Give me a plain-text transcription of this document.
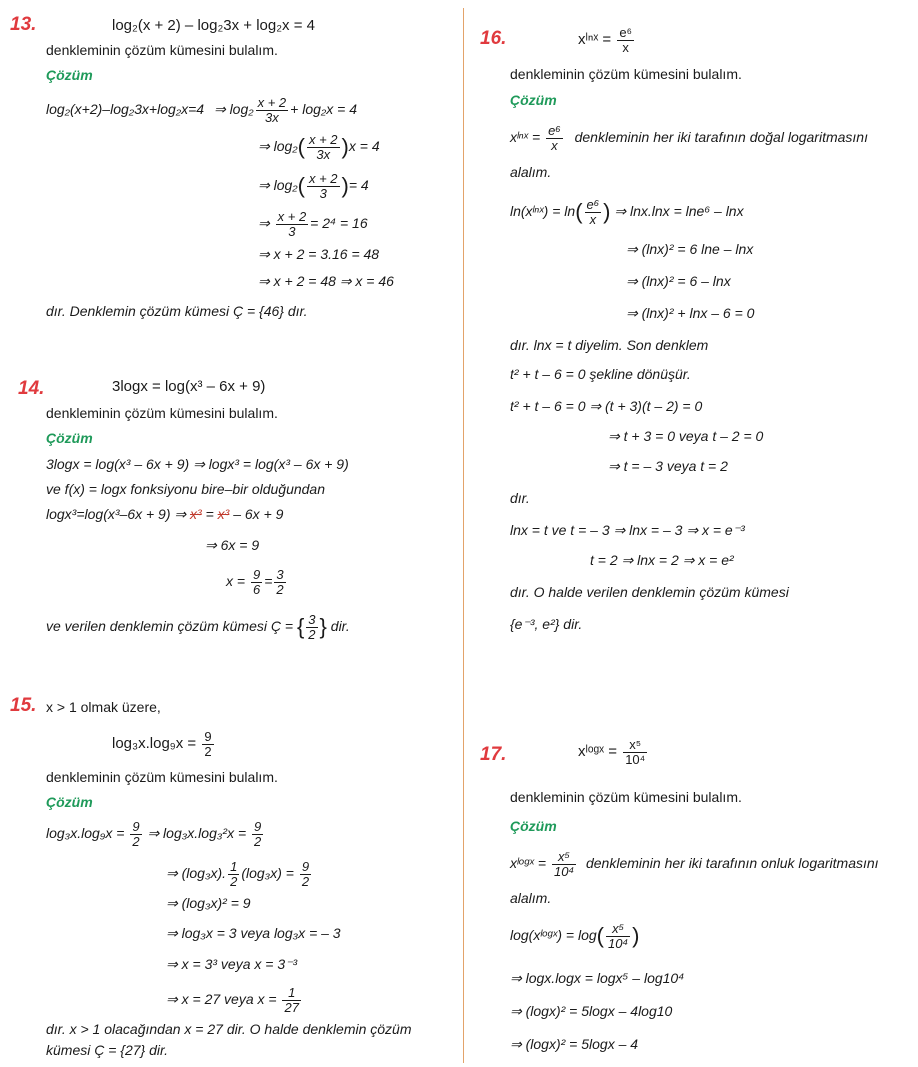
13.	log₂(x + 2) – log₂3x + log₂x = 4
denkleminin çözüm kümesini bulalım.
Çözüm
log₂(x+2)–log₂3x+log₂x=4 ⇒ $\log_2 \frac{x + 2}{3x} + \log_2x = 4$
⇒ $\log_2( \frac{x + 2}{3x} )x = 4$
⇒ $\log_2( \frac{x + 2}{3}$ )= 4
⇒ $\frac{x + 2}{3} = 2^4 = 16$
⇒ x + 2 = 3.16 = 48
⇒ x + 2 = 48 ⇒ x = 46
dır. Denklemin çözüm kümesi Ç = {46} dır.
14.	3logx = log(x³ – 6x + 9)
denkleminin çözüm kümesini bulalım.
Çözüm
3logx = log(x³ – 6x + 9) ⇒ logx³ = log(x³ – 6x + 9)
ve f(x) = logx fonksiyonu bire–bir olduğundan
logx³=log(x³–6x + 9) ⇒ x³ = x³ – 6x + 9
⇒ 6x = 9
$x = \frac{9}{6} = \frac{3}{2}$
ve verilen denklemin çözüm kümesi Ç = { $\frac{3}{2}$ } dir.
15. x > 1 olmak üzere,
$\log_3x.\log_9x = \frac{9}{2}$
denkleminin çözüm kümesini bulalım.
Çözüm
$\log_3x.\log_9x = \frac{9}{2}$ ⇒ $\log_3x.\log_3^2x = \frac{9}{2}$
⇒ (log₃x). $\frac{1}{2} (\log_3x) = \frac{9}{2}$
⇒ (log₃x)² = 9
⇒ log₃x = 3 veya log₃x = – 3
⇒ x = 3³ veya x = 3⁻³
⇒ x = 27 veya $x = \frac{1}{27}$
dır. x > 1 olacağından x = 27 dir. O halde denklemin çözüm
kümesi Ç = {27} dir.
16.	xˡⁿˣ = $\frac{\text{e⁶}}{x}$
denkleminin çözüm kümesini bulalım.
Çözüm
xˡⁿˣ = $\frac{\text{e⁶}}{x}$ denkleminin her iki tarafının doğal logaritmasını
alalım.
ln(xˡⁿˣ) = $\ln( \frac{\text{e⁶}}{x}$ ) ⇒ lnx.lnx = lne⁶ – lnx
⇒ (lnx)² = 6 lne – lnx
⇒ (lnx)² = 6 – lnx
⇒ (lnx)² + lnx – 6 = 0
dır. lnx = t diyelim. Son denklem
t² + t – 6 = 0 şekline dönüşür.
t² + t – 6 = 0 ⇒ (t + 3)(t – 2) = 0
⇒ t + 3 = 0 veya t – 2 = 0
⇒ t = – 3 veya t = 2
dır.
lnx = t ve t = – 3 ⇒ lnx = – 3 ⇒ x = e⁻³
t = 2 ⇒ lnx = 2 ⇒ x = e²
dır. O halde verilen denklemin çözüm kümesi
{e⁻³, e²} dir.
17.	xˡᵒᵍˣ = $\frac{\text{x⁵}}{\text{10⁴}}$
denkleminin çözüm kümesini bulalım.
Çözüm
xˡᵒᵍˣ = $\frac{\text{x⁵}}{\text{10⁴}}$ denkleminin her iki tarafının onluk logaritmasını
alalım.
log(xˡᵒᵍˣ) = $\log( \frac{\text{x⁵}}{\text{10⁴}}$ )
⇒ logx.logx = logx⁵ – log10⁴
⇒ (logx)² = 5logx – 4log10
⇒ (logx)² = 5logx – 4
